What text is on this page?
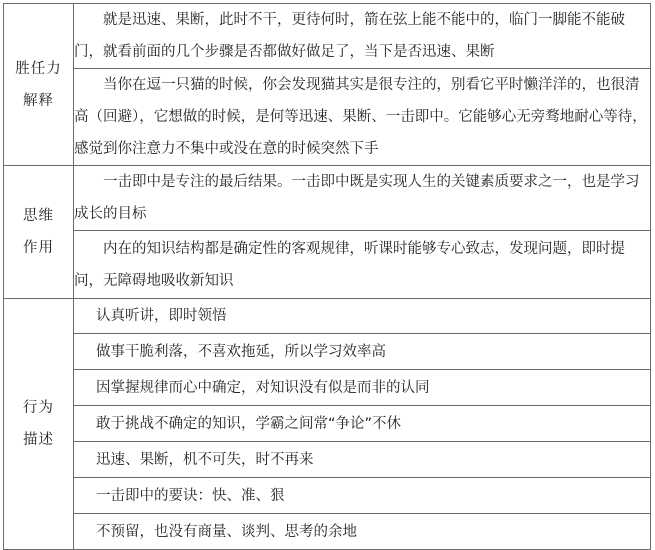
胜任力
解释	就是迅速、果断，此时不干，更待何时，箭在弦上能不能中的，临门一脚能不能破门，就看前面的几个步骤是否都做好做足了，当下是否迅速、果断
	当你在逗一只猫的时候，你会发现猫其实是很专注的，别看它平时懒洋洋的，也很清高（回避），它想做的时候，是何等迅速、果断、一击即中。它能够心无旁骛地耐心等待，感觉到你注意力不集中或没在意的时候突然下手

思维
作用	一击即中是专注的最后结果。一击即中既是实现人生的关键素质要求之一，也是学习成长的目标
	内在的知识结构都是确定性的客观规律，听课时能够专心致志，发现问题，即时提问，无障碍地吸收新知识

行为
描述	认真听讲，即时领悟
	做事干脆利落，不喜欢拖延，所以学习效率高
	因掌握规律而心中确定，对知识没有似是而非的认同
	敢于挑战不确定的知识，学霸之间常“争论”不休
	迅速、果断，机不可失，时不再来
	一击即中的要诀：快、准、狠
	不预留，也没有商量、谈判、思考的余地
